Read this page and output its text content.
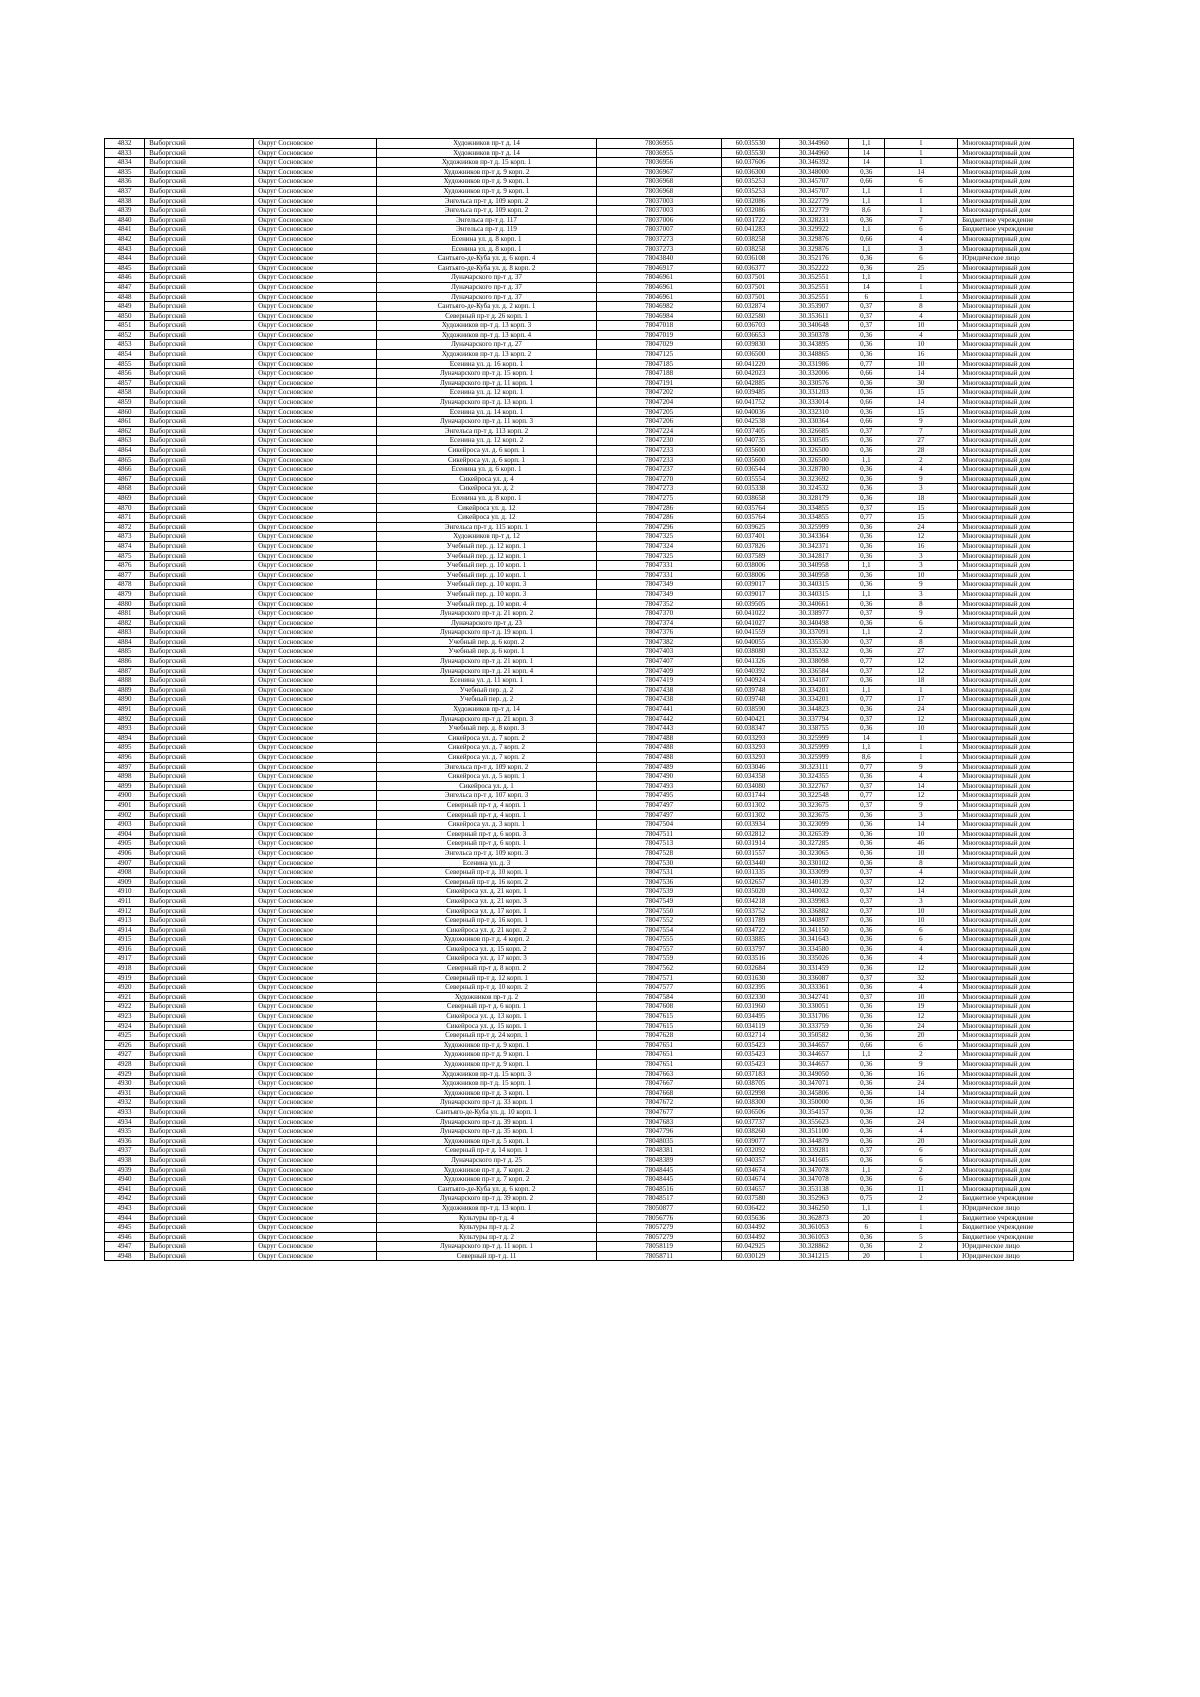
4832	Выборгский	Округ Сосновское	Художников пр-т д. 14	78036955	60.035530	30.344960	1,1	1	Многоквартирный дом
4833	Выборгский	Округ Сосновское	Художников пр-т д. 14	78036955	60.035530	30.344960	14	1	Многоквартирный дом
4834	Выборгский	Округ Сосновское	Художников пр-т д. 15 корп. 1	78036956	60.037606	30.346392	14	1	Многоквартирный дом
4835	Выборгский	Округ Сосновское	Художников пр-т д. 9 корп. 2	78036967	60.036300	30.348000	0,36	14	Многоквартирный дом
4836	Выборгский	Округ Сосновское	Художников пр-т д. 9 корп. 1	78036968	60.035253	30.345707	0,66	6	Многоквартирный дом
4837	Выборгский	Округ Сосновское	Художников пр-т д. 9 корп. 1	78036968	60.035253	30.345707	1,1	1	Многоквартирный дом
4838	Выборгский	Округ Сосновское	Энгельса пр-т д. 109 корп. 2	78037003	60.032086	30.322779	1,1	1	Многоквартирный дом
4839	Выборгский	Округ Сосновское	Энгельса пр-т д. 109 корп. 2	78037003	60.032086	30.322779	8,6	1	Многоквартирный дом
4840	Выборгский	Округ Сосновское	Энгельса пр-т д. 117	78037006	60.031722	30.328231	0,36	7	Бюджетное учреждение
4841	Выборгский	Округ Сосновское	Энгельса пр-т д. 119	78037007	60.041283	30.329922	1,1	6	Бюджетное учреждение
4842	Выборгский	Округ Сосновское	Есенина ул. д. 8 корп. 1	78037273	60.038258	30.329876	0,66	4	Многоквартирный дом
4843	Выборгский	Округ Сосновское	Есенина ул. д. 8 корп. 1	78037273	60.038258	30.329876	1,1	3	Многоквартирный дом
4844	Выборгский	Округ Сосновское	Сантьяго-де-Куба ул. д. 6 корп. 4	78043840	60.036108	30.352176	0,36	6	Юридическое лицо
4845	Выборгский	Округ Сосновское	Сантьяго-де-Куба ул. д. 8 корп. 2	78046917	60.036377	30.352222	0,36	25	Многоквартирный дом
4846	Выборгский	Округ Сосновское	Луначарского пр-т д. 37	78046961	60.037501	30.352551	1,1	1	Многоквартирный дом
4847	Выборгский	Округ Сосновское	Луначарского пр-т д. 37	78046961	60.037501	30.352551	14	1	Многоквартирный дом
4848	Выборгский	Округ Сосновское	Луначарского пр-т д. 37	78046961	60.037501	30.352551	6	1	Многоквартирный дом
4849	Выборгский	Округ Сосновское	Сантьяго-де-Куба ул. д. 2 корп. 1	78046982	60.032874	30.353907	0,37	8	Многоквартирный дом
4850	Выборгский	Округ Сосновское	Северный пр-т д. 26 корп. 1	78046984	60.032580	30.353611	0,37	4	Многоквартирный дом
4851	Выборгский	Округ Сосновское	Художников пр-т д. 13 корп. 3	78047018	60.036703	30.340648	0,37	10	Многоквартирный дом
4852	Выборгский	Округ Сосновское	Художников пр-т д. 13 корп. 4	78047019	60.036653	30.350378	0,36	4	Многоквартирный дом
4853	Выборгский	Округ Сосновское	Луначарского пр-т д. 27	78047029	60.039830	30.343895	0,36	10	Многоквартирный дом
4854	Выборгский	Округ Сосновское	Художников пр-т д. 13 корп. 2	78047125	60.036500	30.348865	0,36	16	Многоквартирный дом
4855	Выборгский	Округ Сосновское	Есенина ул. д. 16 корп. 1	78047185	60.041220	30.331986	0,77	10	Многоквартирный дом
4856	Выборгский	Округ Сосновское	Луначарского пр-т д. 15 корп. 1	78047188	60.042023	30.332006	0,66	14	Многоквартирный дом
4857	Выборгский	Округ Сосновское	Луначарского пр-т д. 11 корп. 1	78047191	60.042885	30.330576	0,36	30	Многоквартирный дом
4858	Выборгский	Округ Сосновское	Есенина ул. д. 12 корп. 1	78047202	60.039485	30.331203	0,36	15	Многоквартирный дом
4859	Выборгский	Округ Сосновское	Луначарского пр-т д. 13 корп. 1	78047204	60.041752	30.333014	0,66	14	Многоквартирный дом
4860	Выборгский	Округ Сосновское	Есенина ул. д. 14 корп. 1	78047205	60.040036	30.332310	0,36	15	Многоквартирный дом
4861	Выборгский	Округ Сосновское	Луначарского пр-т д. 11 корп. 3	78047206	60.042538	30.330364	0,66	9	Многоквартирный дом
4862	Выборгский	Округ Сосновское	Энгельса пр-т д. 113 корп. 2	78047224	60.037405	30.326685	0,37	7	Многоквартирный дом
4863	Выборгский	Округ Сосновское	Есенина ул. д. 12 корп. 2	78047230	60.040735	30.330505	0,36	27	Многоквартирный дом
4864	Выборгский	Округ Сосновское	Сикейроса ул. д. 6 корп. 1	78047233	60.035600	30.326500	0,36	28	Многоквартирный дом
4865	Выборгский	Округ Сосновское	Сикейроса ул. д. 6 корп. 1	78047233	60.035600	30.326500	1,1	2	Многоквартирный дом
4866	Выборгский	Округ Сосновское	Есенина ул. д. 6 корп. 1	78047237	60.036544	30.328780	0,36	4	Многоквартирный дом
4867	Выборгский	Округ Сосновское	Сикейроса ул. д. 4	78047270	60.035554	30.323692	0,36	9	Многоквартирный дом
4868	Выборгский	Округ Сосновское	Сикейроса ул. д. 2	78047273	60.035338	30.324532	0,36	3	Многоквартирный дом
4869	Выборгский	Округ Сосновское	Есенина ул. д. 8 корп. 1	78047275	60.038658	30.328179	0,36	18	Многоквартирный дом
4870	Выборгский	Округ Сосновское	Сикейроса ул. д. 12	78047286	60.035764	30.334855	0,37	15	Многоквартирный дом
4871	Выборгский	Округ Сосновское	Сикейроса ул. д. 12	78047286	60.035764	30.334855	0,77	15	Многоквартирный дом
4872	Выборгский	Округ Сосновское	Энгельса пр-т д. 115 корп. 1	78047296	60.039625	30.325999	0,36	24	Многоквартирный дом
4873	Выборгский	Округ Сосновское	Художников пр-т д. 12	78047325	60.037401	30.343364	0,36	12	Многоквартирный дом
4874	Выборгский	Округ Сосновское	Учебный пер. д. 12 корп. 1	78047324	60.037826	30.342371	0,36	16	Многоквартирный дом
4875	Выборгский	Округ Сосновское	Учебный пер. д. 12 корп. 1	78047325	60.037589	30.342817	0,36	3	Многоквартирный дом
4876	Выборгский	Округ Сосновское	Учебный пер. д. 10 корп. 1	78047331	60.038006	30.340958	1,1	3	Многоквартирный дом
4877	Выборгский	Округ Сосновское	Учебный пер. д. 10 корп. 1	78047331	60.038006	30.340958	0,36	10	Многоквартирный дом
4878	Выборгский	Округ Сосновское	Учебный пер. д. 10 корп. 3	78047349	60.039017	30.340315	0,36	9	Многоквартирный дом
4879	Выборгский	Округ Сосновское	Учебный пер. д. 10 корп. 3	78047349	60.039017	30.340315	1,1	3	Многоквартирный дом
4880	Выборгский	Округ Сосновское	Учебный пер. д. 10 корп. 4	78047352	60.039505	30.340661	0,36	8	Многоквартирный дом
4881	Выборгский	Округ Сосновское	Луначарского пр-т д. 21 корп. 2	78047370	60.041022	30.338977	0,37	9	Многоквартирный дом
4882	Выборгский	Округ Сосновское	Луначарского пр-т д. 23	78047374	60.041027	30.340498	0,36	6	Многоквартирный дом
4883	Выборгский	Округ Сосновское	Луначарского пр-т д. 19 корп. 1	78047376	60.041559	30.337091	1,1	2	Многоквартирный дом
4884	Выборгский	Округ Сосновское	Учебный пер. д. 6 корп. 2	78047382	60.040055	30.335530	0,37	8	Многоквартирный дом
4885	Выборгский	Округ Сосновское	Учебный пер. д. 6 корп. 1	78047403	60.038080	30.335332	0,36	27	Многоквартирный дом
4886	Выборгский	Округ Сосновское	Луначарского пр-т д. 21 корп. 1	78047407	60.041326	30.338098	0,77	12	Многоквартирный дом
4887	Выборгский	Округ Сосновское	Луначарского пр-т д. 21 корп. 4	78047409	60.040392	30.336584	0,37	12	Многоквартирный дом
4888	Выборгский	Округ Сосновское	Есенина ул. д. 11 корп. 1	78047419	60.040924	30.334107	0,36	18	Многоквартирный дом
4889	Выборгский	Округ Сосновское	Учебный пер. д. 2	78047438	60.039748	30.334201	1,1	1	Многоквартирный дом
4890	Выборгский	Округ Сосновское	Учебный пер. д. 2	78047438	60.039748	30.334201	0,77	17	Многоквартирный дом
4891	Выборгский	Округ Сосновское	Художников пр-т д. 14	78047441	60.038590	30.344823	0,36	24	Многоквартирный дом
4892	Выборгский	Округ Сосновское	Луначарского пр-т д. 21 корп. 3	78047442	60.040421	30.337794	0,37	12	Многоквартирный дом
4893	Выборгский	Округ Сосновское	Учебный пер. д. 8 корп. 3	78047443	60.038347	30.338755	0,36	10	Многоквартирный дом
4894	Выборгский	Округ Сосновское	Сикейроса ул. д. 7 корп. 2	78047488	60.033293	30.325999	14	1	Многоквартирный дом
4895	Выборгский	Округ Сосновское	Сикейроса ул. д. 7 корп. 2	78047488	60.033293	30.325999	1,1	1	Многоквартирный дом
4896	Выборгский	Округ Сосновское	Сикейроса ул. д. 7 корп. 2	78047488	60.033293	30.325999	8,6	1	Многоквартирный дом
4897	Выборгский	Округ Сосновское	Энгельса пр-т д. 109 корп. 2	78047489	60.033046	30.323111	0,77	9	Многоквартирный дом
4898	Выборгский	Округ Сосновское	Сикейроса ул. д. 5 корп. 1	78047490	60.034358	30.324355	0,36	4	Многоквартирный дом
4899	Выборгский	Округ Сосновское	Сикейроса ул. д. 1	78047493	60.034080	30.322767	0,37	14	Многоквартирный дом
4900	Выборгский	Округ Сосновское	Энгельса пр-т д. 107 корп. 3	78047495	60.031744	30.322548	0,77	12	Многоквартирный дом
4901	Выборгский	Округ Сосновское	Северный пр-т д. 4 корп. 1	78047497	60.031302	30.323675	0,37	9	Многоквартирный дом
4902	Выборгский	Округ Сосновское	Северный пр-т д. 4 корп. 1	78047497	60.031302	30.323675	0,36	3	Многоквартирный дом
4903	Выборгский	Округ Сосновское	Сикейроса ул. д. 3 корп. 1	78047504	60.033934	30.323099	0,36	14	Многоквартирный дом
4904	Выборгский	Округ Сосновское	Северный пр-т д. 6 корп. 3	78047511	60.032812	30.326539	0,36	10	Многоквартирный дом
4905	Выборгский	Округ Сосновское	Северный пр-т д. 6 корп. 1	78047513	60.031914	30.327285	0,36	46	Многоквартирный дом
4906	Выборгский	Округ Сосновское	Энгельса пр-т д. 109 корп. 3	78047528	60.031557	30.323065	0,36	10	Многоквартирный дом
4907	Выборгский	Округ Сосновское	Есенина ул. д. 3	78047530	60.033440	30.330102	0,36	8	Многоквартирный дом
4908	Выборгский	Округ Сосновское	Северный пр-т д. 10 корп. 1	78047531	60.031335	30.333099	0,37	4	Многоквартирный дом
4909	Выборгский	Округ Сосновское	Северный пр-т д. 16 корп. 2	78047536	60.032657	30.340139	0,37	12	Многоквартирный дом
4910	Выборгский	Округ Сосновское	Сикейроса ул. д. 21 корп. 1	78047539	60.035020	30.340032	0,37	14	Многоквартирный дом
4911	Выборгский	Округ Сосновское	Сикейроса ул. д. 21 корп. 3	78047549	60.034218	30.339983	0,37	3	Многоквартирный дом
4912	Выборгский	Округ Сосновское	Сикейроса ул. д. 17 корп. 1	78047550	60.033752	30.336882	0,37	10	Многоквартирный дом
4913	Выборгский	Округ Сосновское	Северный пр-т д. 16 корп. 1	78047552	60.031789	30.340897	0,36	10	Многоквартирный дом
4914	Выборгский	Округ Сосновское	Сикейроса ул. д. 21 корп. 2	78047554	60.034722	30.341150	0,36	6	Многоквартирный дом
4915	Выборгский	Округ Сосновское	Художников пр-т д. 4 корп. 2	78047555	60.033885	30.341643	0,36	6	Многоквартирный дом
4916	Выборгский	Округ Сосновское	Сикейроса ул. д. 15 корп. 2	78047557	60.033797	30.334580	0,36	4	Многоквартирный дом
4917	Выборгский	Округ Сосновское	Сикейроса ул. д. 17 корп. 3	78047559	60.033516	30.335026	0,36	4	Многоквартирный дом
4918	Выборгский	Округ Сосновское	Северный пр-т д. 8 корп. 2	78047562	60.032684	30.331459	0,36	12	Многоквартирный дом
4919	Выборгский	Округ Сосновское	Северный пр-т д. 12 корп. 1	78047571	60.031630	30.336087	0,37	32	Многоквартирный дом
4920	Выборгский	Округ Сосновское	Северный пр-т д. 10 корп. 2	78047577	60.032395	30.333361	0,36	4	Многоквартирный дом
4921	Выборгский	Округ Сосновское	Художников пр-т д. 2	78047584	60.032330	30.342741	0,37	10	Многоквартирный дом
4922	Выборгский	Округ Сосновское	Северный пр-т д. 6 корп. 1	78047608	60.031960	30.330051	0,36	19	Многоквартирный дом
4923	Выборгский	Округ Сосновское	Сикейроса ул. д. 13 корп. 1	78047615	60.034495	30.331706	0,36	12	Многоквартирный дом
4924	Выборгский	Округ Сосновское	Сикейроса ул. д. 15 корп. 1	78047615	60.034119	30.333759	0,36	24	Многоквартирный дом
4925	Выборгский	Округ Сосновское	Северный пр-т д. 24 корп. 1	78047628	60.032714	30.350582	0,36	20	Многоквартирный дом
4926	Выборгский	Округ Сосновское	Художников пр-т д. 9 корп. 1	78047651	60.035423	30.344657	0,66	6	Многоквартирный дом
4927	Выборгский	Округ Сосновское	Художников пр-т д. 9 корп. 1	78047651	60.035423	30.344657	1,1	2	Многоквартирный дом
4928	Выборгский	Округ Сосновское	Художников пр-т д. 9 корп. 1	78047651	60.035423	30.344657	0,36	9	Многоквартирный дом
4929	Выборгский	Округ Сосновское	Художников пр-т д. 15 корп. 3	78047663	60.037183	30.349050	0,36	16	Многоквартирный дом
4930	Выборгский	Округ Сосновское	Художников пр-т д. 15 корп. 1	78047667	60.038705	30.347071	0,36	24	Многоквартирный дом
4931	Выборгский	Округ Сосновское	Художников пр-т д. 3 корп. 1	78047668	60.032998	30.345806	0,36	14	Многоквартирный дом
4932	Выборгский	Округ Сосновское	Луначарского пр-т д. 33 корп. 1	78047672	60.038300	30.350000	0,36	16	Многоквартирный дом
4933	Выборгский	Округ Сосновское	Сантьяго-де-Куба ул. д. 10 корп. 1	78047677	60.036506	30.354157	0,36	12	Многоквартирный дом
4934	Выборгский	Округ Сосновское	Луначарского пр-т д. 39 корп. 1	78047683	60.037737	30.355623	0,36	24	Многоквартирный дом
4935	Выборгский	Округ Сосновское	Луначарского пр-т д. 35 корп. 1	78047796	60.038260	30.351100	0,36	4	Многоквартирный дом
4936	Выборгский	Округ Сосновское	Художников пр-т д. 5 корп. 1	78048035	60.039077	30.344879	0,36	20	Многоквартирный дом
4937	Выборгский	Округ Сосновское	Северный пр-т д. 14 корп. 1	78048381	60.032092	30.339281	0,37	6	Многоквартирный дом
4938	Выборгский	Округ Сосновское	Луначарского пр-т д. 25	78048389	60.040357	30.341605	0,36	6	Многоквартирный дом
4939	Выборгский	Округ Сосновское	Художников пр-т д. 7 корп. 2	78048445	60.034674	30.347078	1,1	2	Многоквартирный дом
4940	Выборгский	Округ Сосновское	Художников пр-т д. 7 корп. 2	78048445	60.034674	30.347078	0,36	6	Многоквартирный дом
4941	Выборгский	Округ Сосновское	Сантьяго-де-Куба ул. д. 6 корп. 2	78048516	60.034657	30.353138	0,36	11	Многоквартирный дом
4942	Выборгский	Округ Сосновское	Луначарского пр-т д. 39 корп. 2	78048517	60.037580	30.352963	0,75	2	Бюджетное учреждение
4943	Выборгский	Округ Сосновское	Художников пр-т д. 13 корп. 1	78050877	60.036422	30.346250	1,1	1	Юридическое лицо
4944	Выборгский	Округ Сосновское	Культуры пр-т д. 4	78056776	60.035636	30.362873	20	1	Бюджетное учреждение
4945	Выборгский	Округ Сосновское	Культуры пр-т д. 2	78057279	60.034492	30.361053	6	1	Бюджетное учреждение
4946	Выборгский	Округ Сосновское	Культуры пр-т д. 2	78057279	60.034492	30.361053	0,36	5	Бюджетное учреждение
4947	Выборгский	Округ Сосновское	Луначарского пр-т д. 11 корп. 1	78058119	60.042925	30.328862	0,36	2	Юридическое лицо
4948	Выборгский	Округ Сосновское	Северный пр-т д. 11	78058711	60.030129	30.341215	20	1	Юридическое лицо
